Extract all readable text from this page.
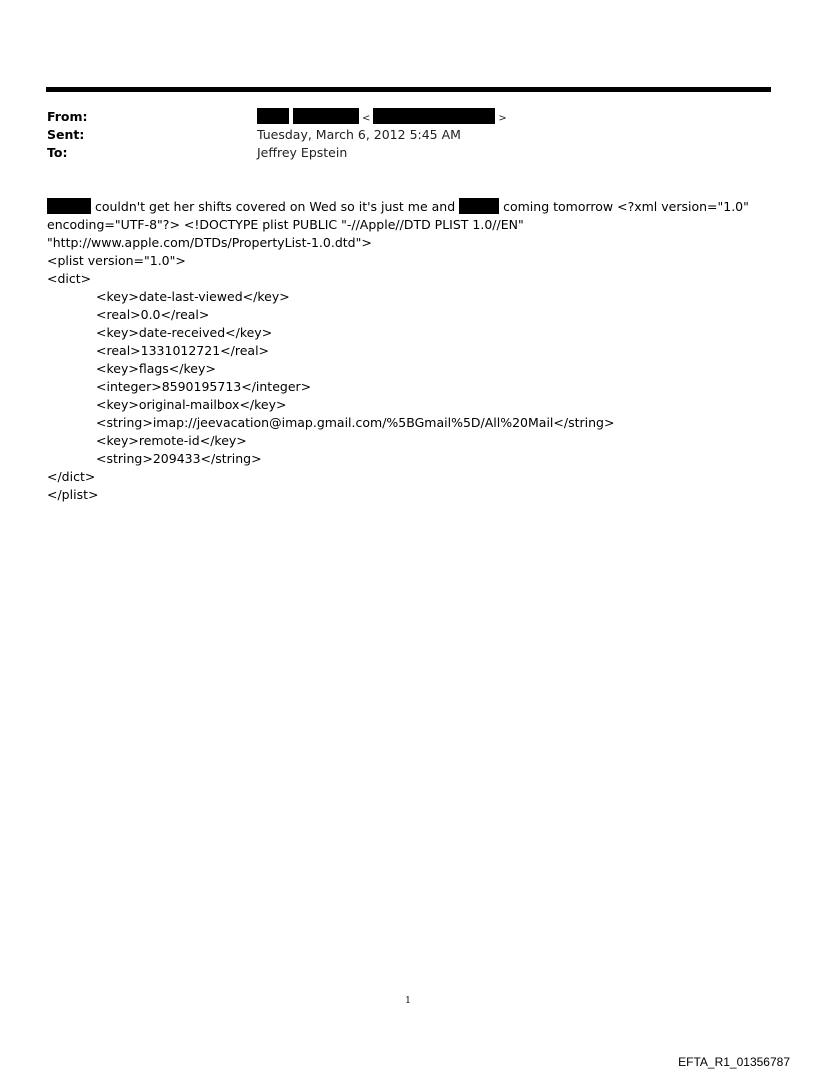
From:	<	>
Sent:	Tuesday, March 6, 2012 5:45 AM
To:	Jeffrey Epstein
couldn't get her shifts covered on Wed so it's just me and	coming tomorrow <?xml version="1.0"
encoding="UTF-8"?> <!DOCTYPE plist PUBLIC "-//Apple//DTD PLIST 1.0//EN"
"http://www.apple.com/DTDs/PropertyList-1.0.dtd">
<plist version="1.0">
<dict>
<key>date-last-viewed</key>
<real>0.0</real>
<key>date-received</key>
<real>1331012721</real>
<key>flags</key>
<integer>8590195713</integer>
<key>original-mailbox</key>
<string>imap://jeevacation@imap.gmail.com/%5BGmail%5D/All%20Mail</string>
<key>remote-id</key>
<string>209433</string>
</dict>
</plist>
1
EFTA_R1_01356787
